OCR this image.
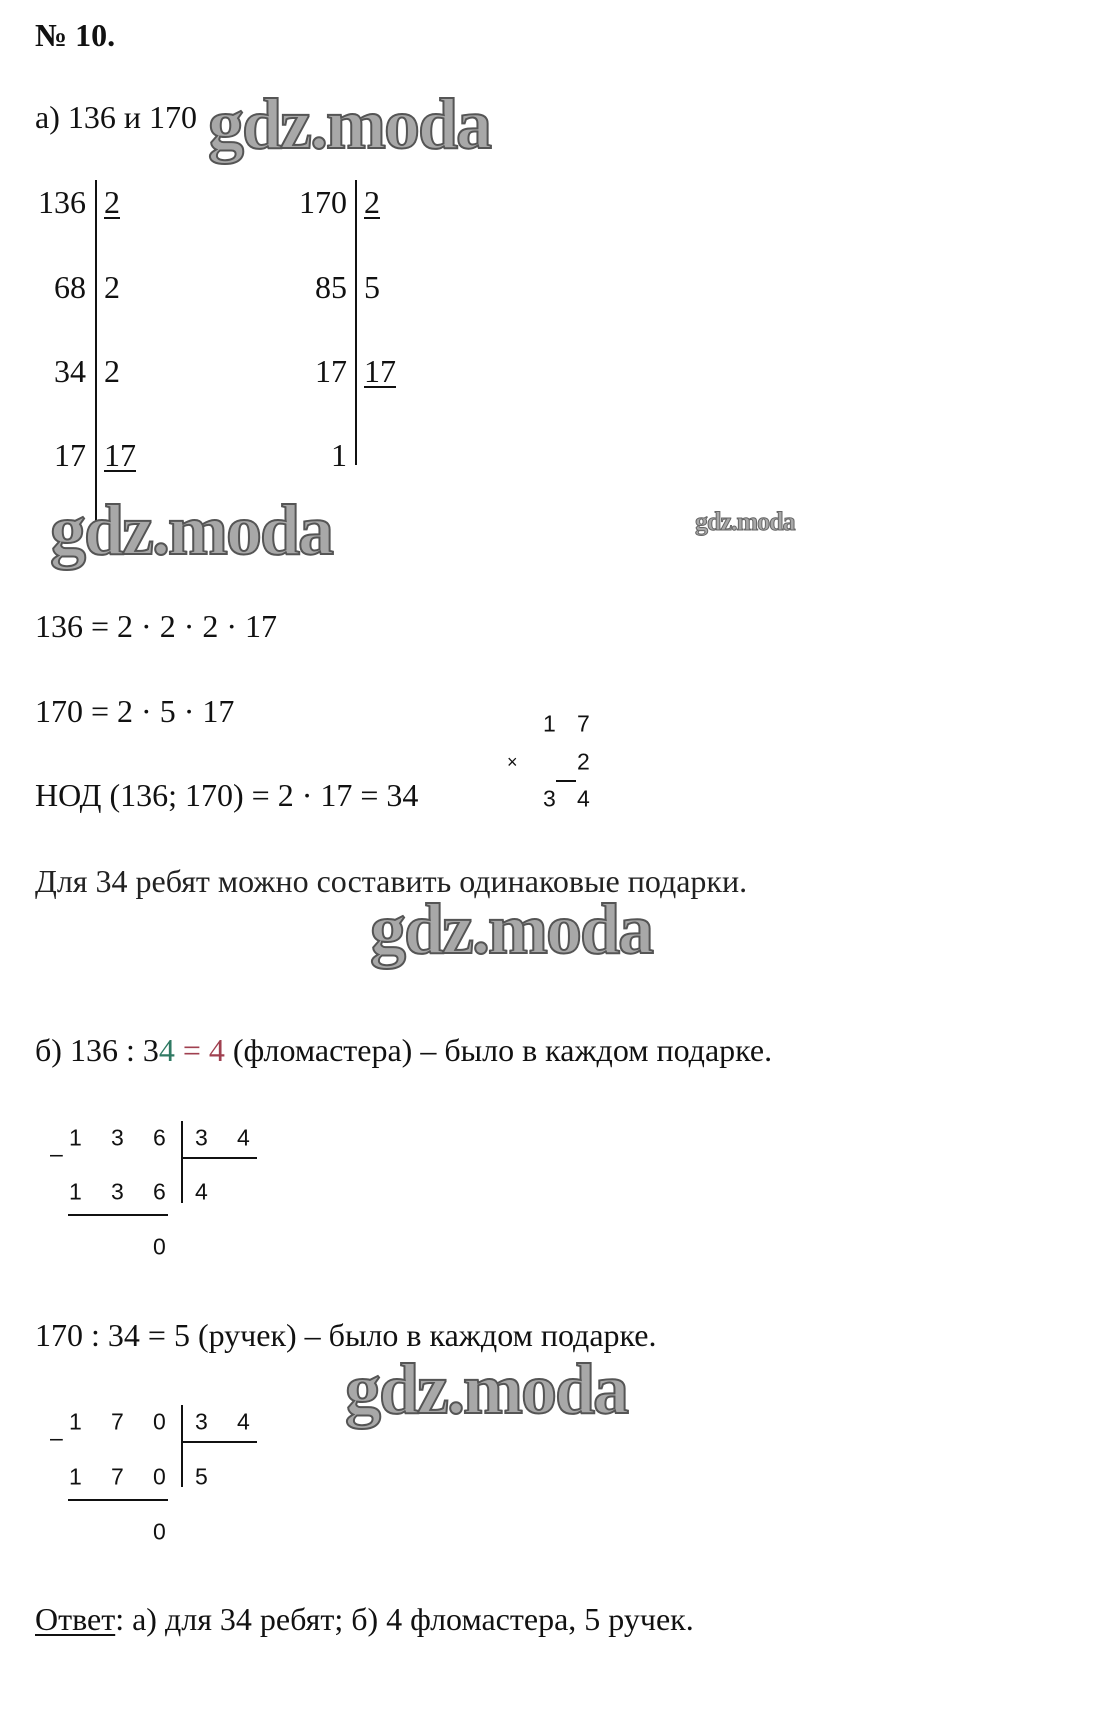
№ 10.
а) 136 и 170
136
68
34
17
2
2
2
17
170
85
17
1
2
5
17
136 = 2 · 2 · 2 · 17
170 = 2 · 5 · 17
НОД (136; 170) = 2 · 17 = 34
1 7
×	2
3 4
Для 34 ребят можно составить одинаковые подарки.
б) 136 : 34 = 4 (фломастера) – было в каждом подарке.
1 3 6
–
3 4
1 3 6 4
0
170 : 34 = 5 (ручек) – было в каждом подарке.
1 7 0
–
3 4
1 7 0 5
0
Ответ: а) для 34 ребят; б) 4 фломастера, 5 ручек.
gdz.moda
gdz.moda	gdz.moda
gdz.moda
gdz.moda
